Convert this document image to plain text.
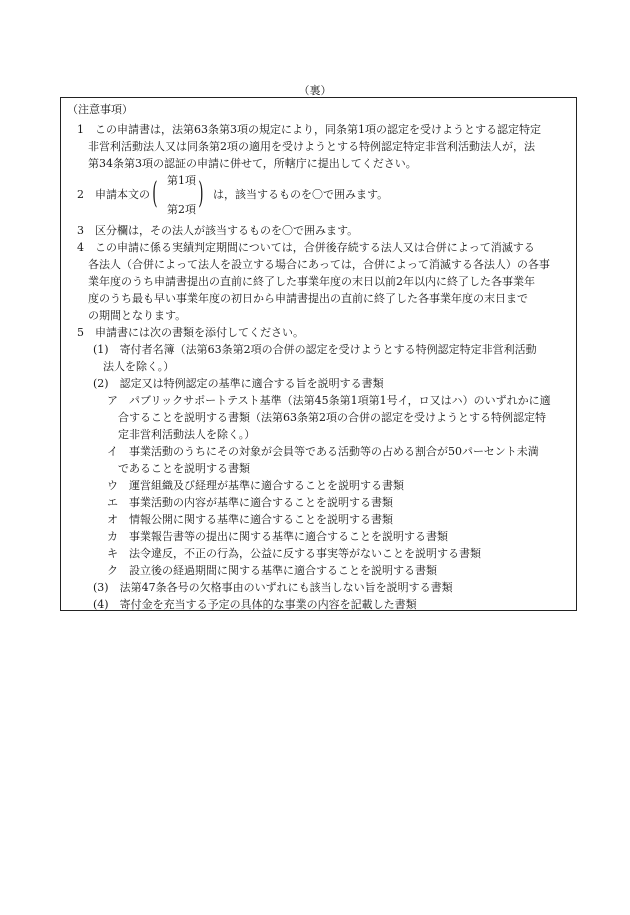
（裏）
（注意事項）
1　この申請書は，法第63条第3項の規定により，同条第1項の認定を受けようとする認定特定
非営利活動法人又は同条第2項の適用を受けようとする特例認定特定非営利活動法人が，法
第34条第3項の認証の申請に併せて，所轄庁に提出してください。
2　申請本文の ( 第1項
第2項 ) は，該当するものを〇で囲みます。
3　区分欄は，その法人が該当するものを〇で囲みます。
4　この申請に係る実績判定期間については，合併後存続する法人又は合併によって消滅する
各法人（合併によって法人を設立する場合にあっては，合併によって消滅する各法人）の各事
業年度のうち申請書提出の直前に終了した事業年度の末日以前2年以内に終了した各事業年
度のうち最も早い事業年度の初日から申請書提出の直前に終了した各事業年度の末日まで
の期間となります。
5　申請書には次の書類を添付してください。
(1)　寄付者名簿（法第63条第2項の合併の認定を受けようとする特例認定特定非営利活動
法人を除く。）
(2)　認定又は特例認定の基準に適合する旨を説明する書類
ア　パブリックサポートテスト基準（法第45条第1項第1号イ，ロ又はハ）のいずれかに適
合することを説明する書類（法第63条第2項の合併の認定を受けようとする特例認定特
定非営利活動法人を除く。）
イ　事業活動のうちにその対象が会員等である活動等の占める割合が50パーセント未満
であることを説明する書類
ウ　運営組織及び経理が基準に適合することを説明する書類
エ　事業活動の内容が基準に適合することを説明する書類
オ　情報公開に関する基準に適合することを説明する書類
カ　事業報告書等の提出に関する基準に適合することを説明する書類
キ　法令違反，不正の行為，公益に反する事実等がないことを説明する書類
ク　設立後の経過期間に関する基準に適合することを説明する書類
(3)　法第47条各号の欠格事由のいずれにも該当しない旨を説明する書類
(4)　寄付金を充当する予定の具体的な事業の内容を記載した書類
